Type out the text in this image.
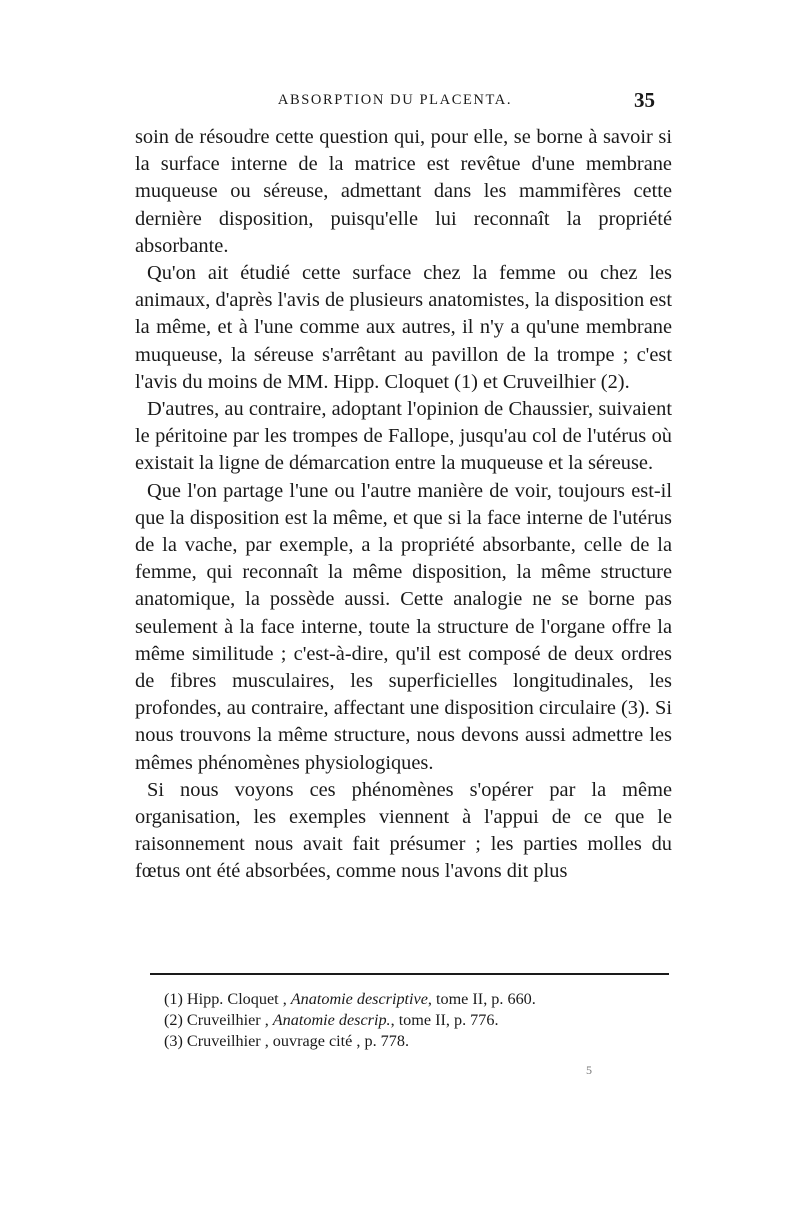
ABSORPTION DU PLACENTA.	35

soin de résoudre cette question qui, pour elle, se borne à savoir si la surface interne de la matrice est revêtue d'une membrane muqueuse ou séreuse, admettant dans les mammifères cette dernière disposition, puisqu'elle lui reconnaît la propriété absorbante.

Qu'on ait étudié cette surface chez la femme ou chez les animaux, d'après l'avis de plusieurs anatomistes, la disposition est la même, et à l'une comme aux autres, il n'y a qu'une membrane muqueuse, la séreuse s'arrêtant au pavillon de la trompe ; c'est l'avis du moins de MM. Hipp. Cloquet (1) et Cruveilhier (2).

D'autres, au contraire, adoptant l'opinion de Chaussier, suivaient le péritoine par les trompes de Fallope, jusqu'au col de l'utérus où existait la ligne de démarcation entre la muqueuse et la séreuse.

Que l'on partage l'une ou l'autre manière de voir, toujours est-il que la disposition est la même, et que si la face interne de l'utérus de la vache, par exemple, a la propriété absorbante, celle de la femme, qui reconnaît la même disposition, la même structure anatomique, la possède aussi. Cette analogie ne se borne pas seulement à la face interne, toute la structure de l'organe offre la même similitude ; c'est-à-dire, qu'il est composé de deux ordres de fibres musculaires, les superficielles longitudinales, les profondes, au contraire, affectant une disposition circulaire (3). Si nous trouvons la même structure, nous devons aussi admettre les mêmes phénomènes physiologiques.

Si nous voyons ces phénomènes s'opérer par la même organisation, les exemples viennent à l'appui de ce que le raisonnement nous avait fait présumer ; les parties molles du fœtus ont été absorbées, comme nous l'avons dit plus

(1) Hipp. Cloquet , Anatomie descriptive, tome II, p. 660.
(2) Cruveilhier , Anatomie descrip., tome II, p. 776.
(3) Cruveilhier , ouvrage cité , p. 778.
5
